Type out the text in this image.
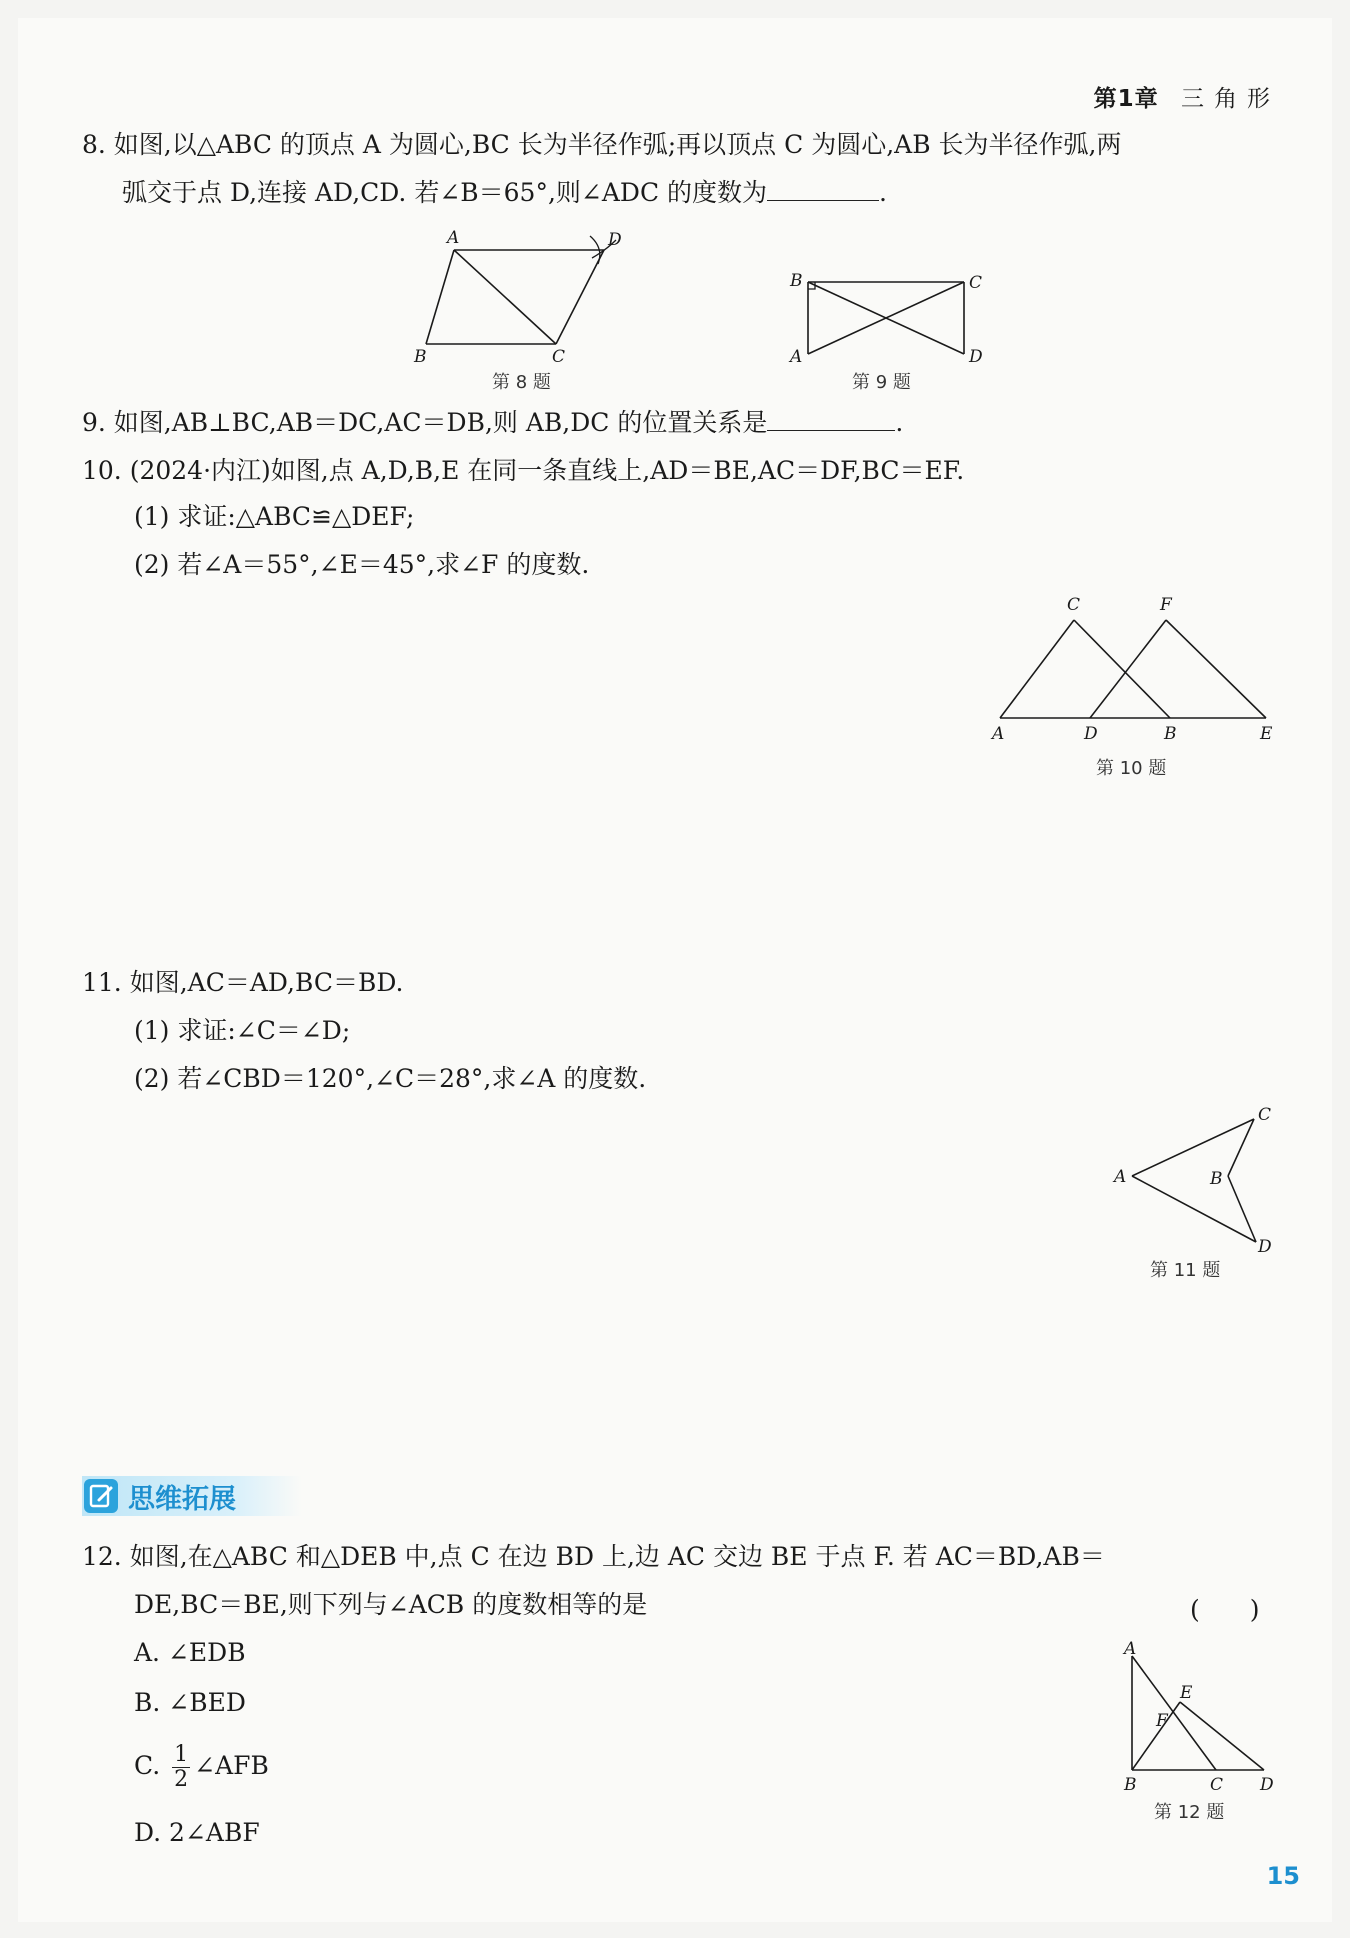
第1章 三角形
8. 如图,以△ABC 的顶点 A 为圆心,BC 长为半径作弧;再以顶点 C 为圆心,AB 长为半径作弧,两
弧交于点 D,连接 AD,CD. 若∠B＝65°,则∠ADC 的度数为	.
A
B	C
D
第 8 题
B	C
A	D
第 9 题
9. 如图,AB⊥BC,AB＝DC,AC＝DB,则 AB,DC 的位置关系是	.
10. (2024·内江)如图,点 A,D,B,E 在同一条直线上,AD＝BE,AC＝DF,BC＝EF.
(1) 求证:△ABC≌△DEF;
(2) 若∠A＝55°,∠E＝45°,求∠F 的度数.
C	F
A	D	B	E
第 10 题
11. 如图,AC＝AD,BC＝BD.
(1) 求证:∠C＝∠D;
(2) 若∠CBD＝120°,∠C＝28°,求∠A 的度数.
A	B
C
D
第 11 题
思维拓展
12. 如图,在△ABC 和△DEB 中,点 C 在边 BD 上,边 AC 交边 BE 于点 F. 若 AC＝BD,AB＝
DE,BC＝BE,则下列与∠ACB 的度数相等的是	(　　)
A. ∠EDB
B. ∠BED
C. $\frac{1}{2}$ ∠AFB
D. 2∠ABF
A
E
F
B	C D
第 12 题
15
